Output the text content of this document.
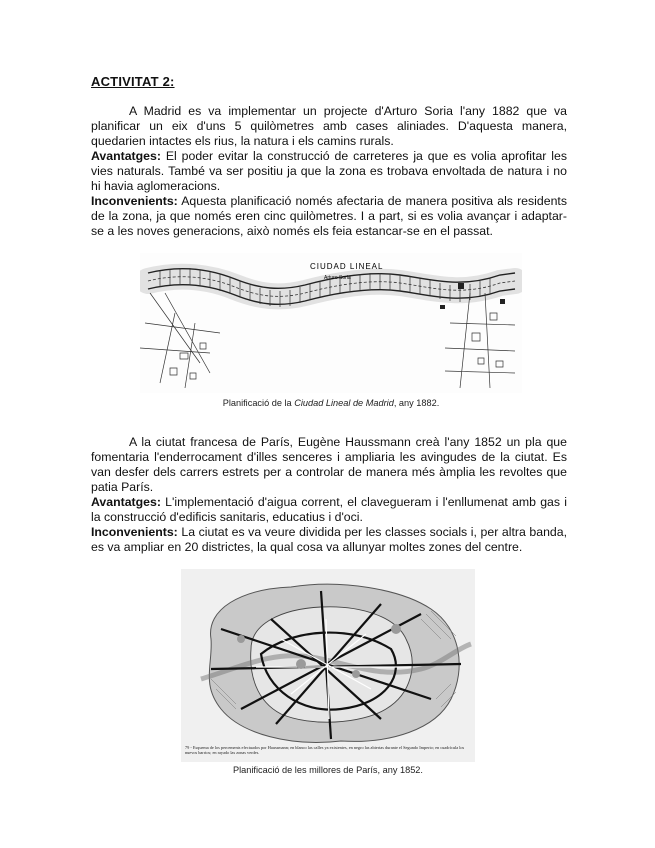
ACTIVITAT 2:

A Madrid es va implementar un projecte d'Arturo Soria l'any 1882 que va planificar un eix d'uns 5 quilòmetres amb cases aliniades. D'aquesta manera, quedarien intactes els rius, la natura i els camins rurals.

Avantatges: El poder evitar la construcció de carreteres ja que es volia aprofitar les vies naturals. També va ser positiu ja que la zona es trobava envoltada de natura i no hi havia aglomeracions.

Inconvenients: Aquesta planificació només afectaria de manera positiva als residents de la zona, ja que només eren cinc quilòmetres. I a part, si es volia avançar i adaptar-se a les noves generacions, això només els feia estancar-se en el passat.

CIUDAD LINEAL
Arturo Soria
Planificació de la Ciudad Lineal de Madrid, any 1882.

A la ciutat francesa de París, Eugène Haussmann creà l'any 1852 un pla que fomentaria l'enderrocament d'illes senceres i ampliaria les avingudes de la ciutat. Es van desfer dels carrers estrets per a controlar de manera més àmplia les revoltes que patia París.

Avantatges: L'implementació d'aigua corrent, el clavegueram i l'enllumenat amb gas i la construcció d'edificis sanitaris, educatius i d'oci.

Inconvenients: La ciutat es va veure dividida per les classes socials i, per altra banda, es va ampliar en 20 districtes, la qual cosa va allunyar moltes zones del centre.

79 - Esquema de los percements efectuados por Haussmann; en blanco las calles ya existentes, en negro las abiertas durante el Segundo Imperio; en cuadrícula los nuevos barrios; en rayado las zonas verdes.
Planificació de les millores de París, any 1852.
